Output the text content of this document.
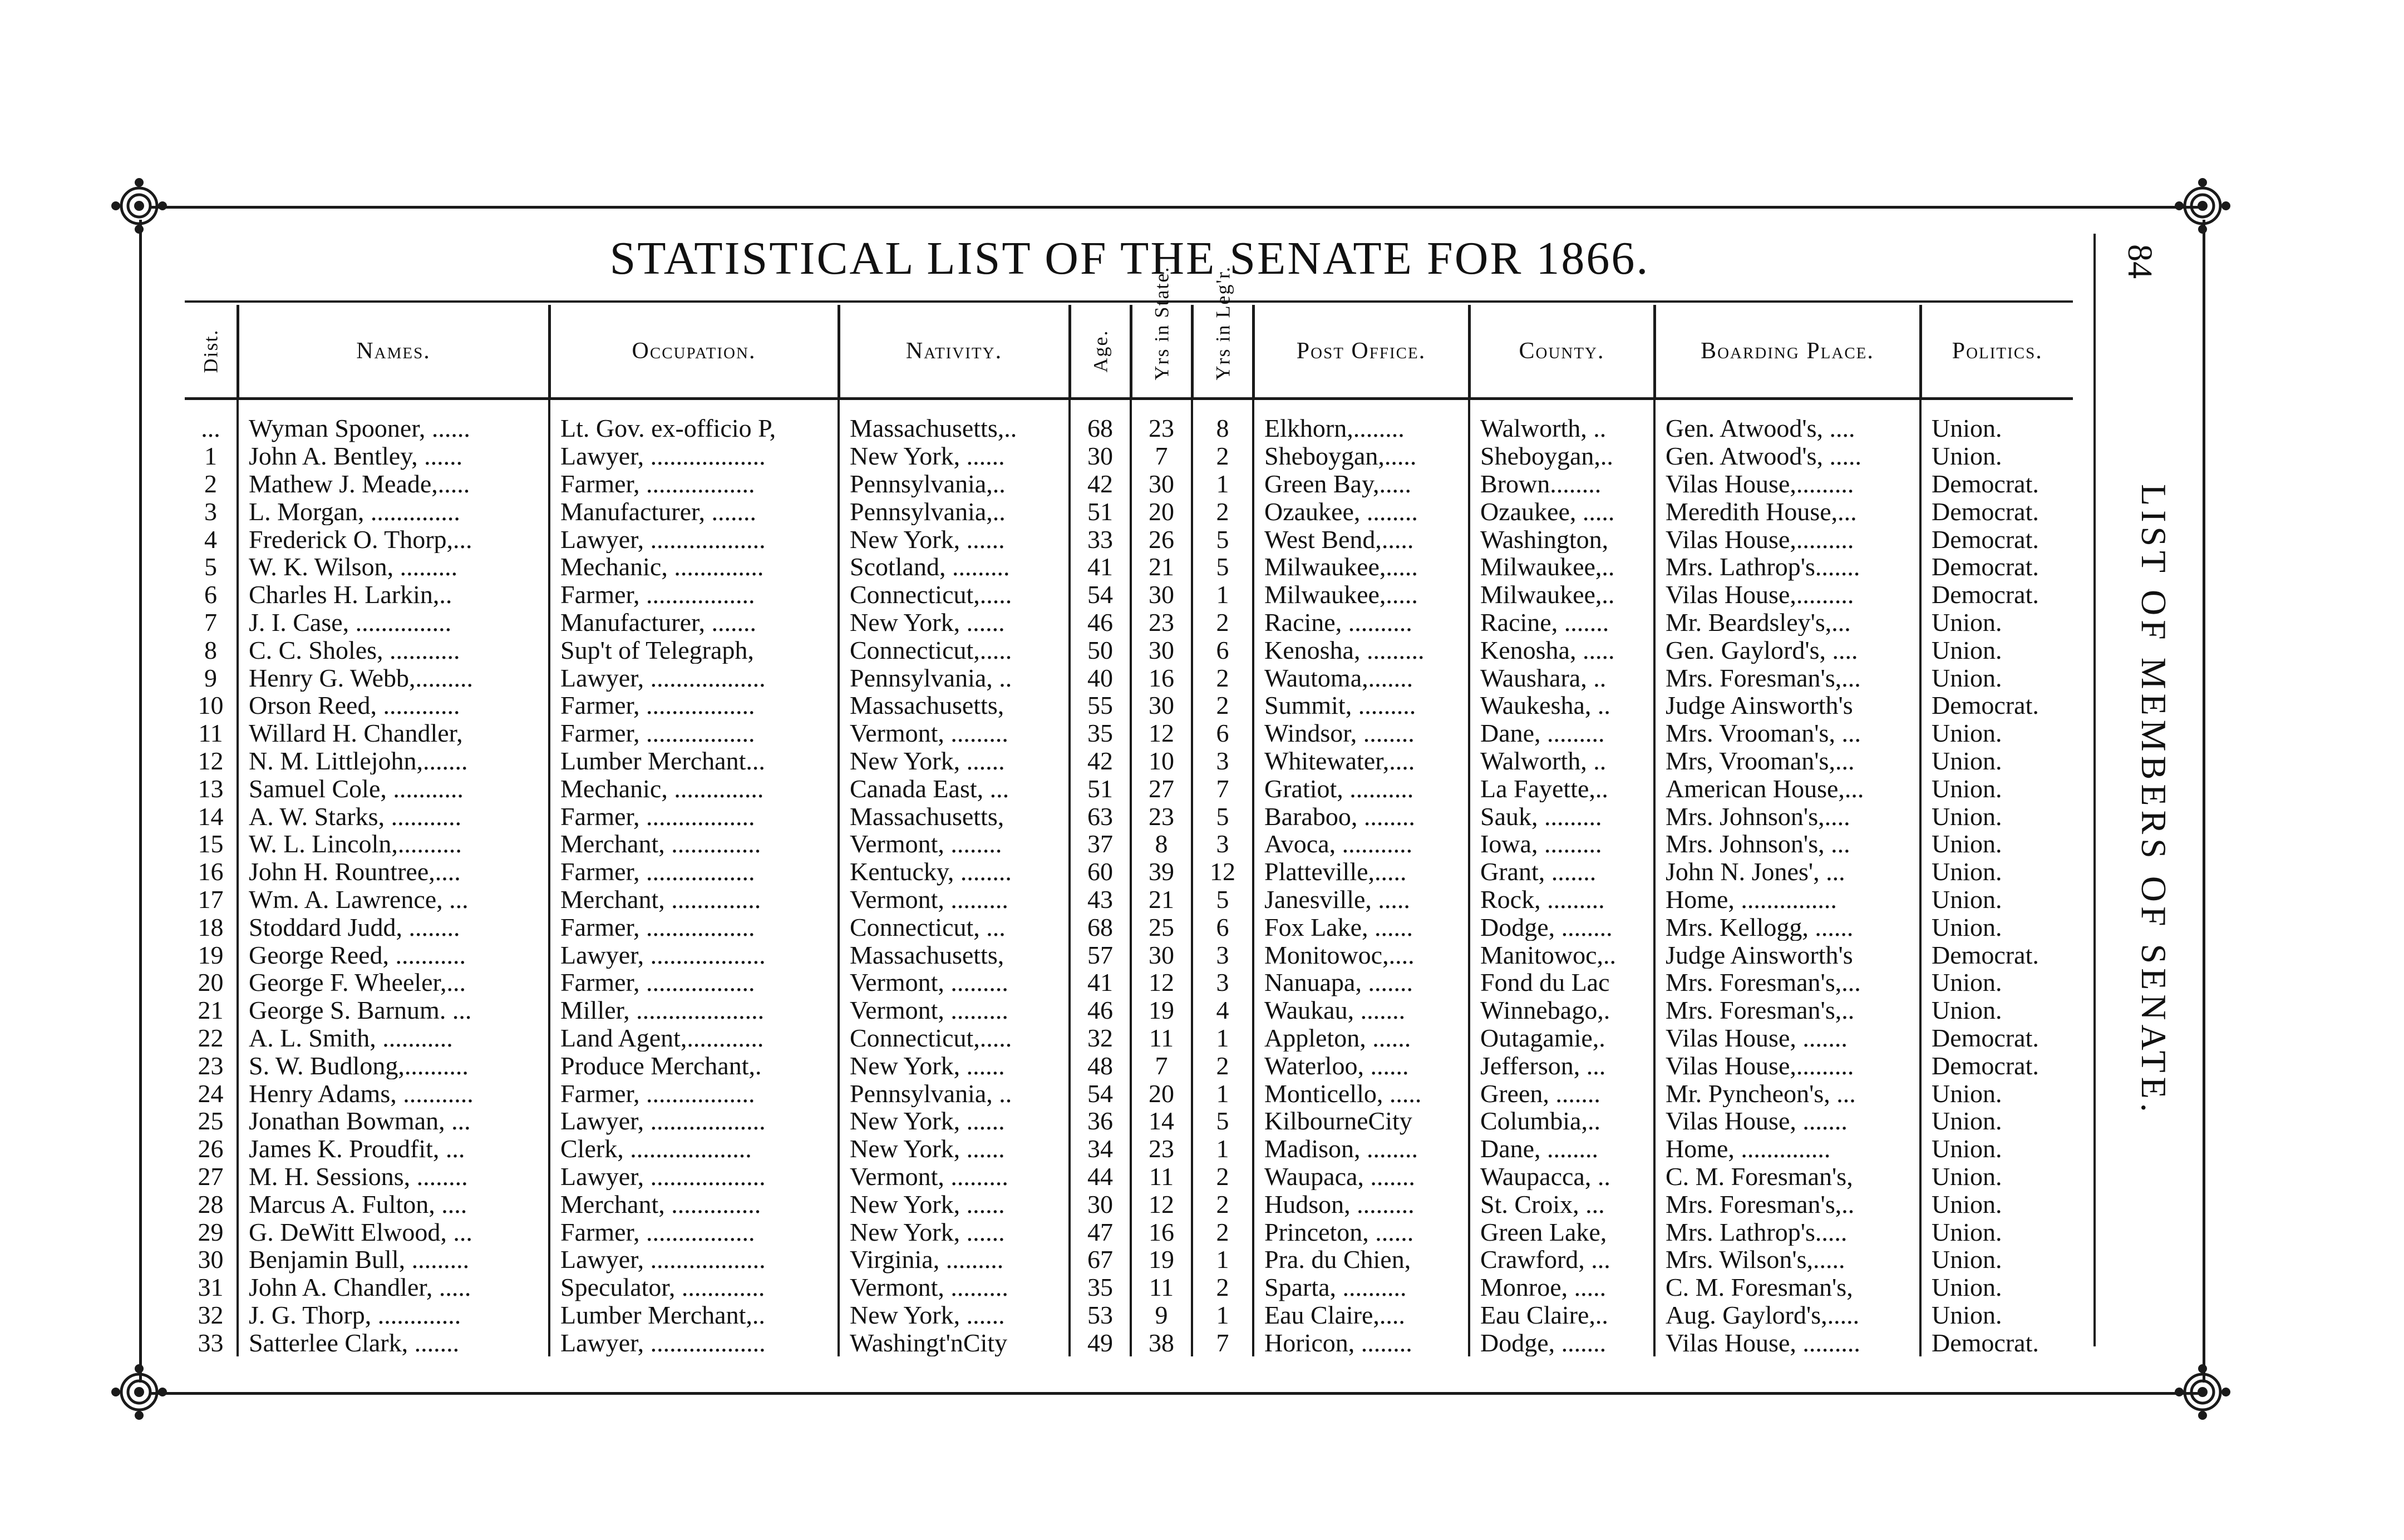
STATISTICAL LIST OF THE SENATE FOR 1866.	84
LIST OF MEMBERS OF SENATE.
Dist.	Names.	Occupation.	Nativity.	Age.	Yrs in State.	Yrs in Leg'r.	Post Office.	County.	Boarding Place.	Politics.
...	Wyman Spooner, ......	Lt. Gov. ex-officio P,	Massachusetts,..	68	23	8	Elkhorn,........	Walworth, ..	Gen. Atwood's, ....	Union.
1	John A. Bentley, ......	Lawyer, ..................	New York, ......	30	7	2	Sheboygan,.....	Sheboygan,..	Gen. Atwood's, .....	Union.
2	Mathew J. Meade,.....	Farmer, .................	Pennsylvania,..	42	30	1	Green Bay,.....	Brown........	Vilas House,.........	Democrat.
3	L. Morgan, ..............	Manufacturer, .......	Pennsylvania,..	51	20	2	Ozaukee, ........	Ozaukee, .....	Meredith House,...	Democrat.
4	Frederick O. Thorp,...	Lawyer, ..................	New York, ......	33	26	5	West Bend,.....	Washington,	Vilas House,.........	Democrat.
5	W. K. Wilson, .........	Mechanic, ..............	Scotland, .........	41	21	5	Milwaukee,.....	Milwaukee,..	Mrs. Lathrop's.......	Democrat.
6	Charles H. Larkin,..	Farmer, .................	Connecticut,.....	54	30	1	Milwaukee,.....	Milwaukee,..	Vilas House,.........	Democrat.
7	J. I. Case, ...............	Manufacturer, .......	New York, ......	46	23	2	Racine, ..........	Racine, .......	Mr. Beardsley's,...	Union.
8	C. C. Sholes, ...........	Sup't of Telegraph,	Connecticut,.....	50	30	6	Kenosha, .........	Kenosha, .....	Gen. Gaylord's, ....	Union.
9	Henry G. Webb,.........	Lawyer, ..................	Pennsylvania, ..	40	16	2	Wautoma,.......	Waushara, ..	Mrs. Foresman's,...	Union.
10	Orson Reed, ............	Farmer, .................	Massachusetts,	55	30	2	Summit, .........	Waukesha, ..	Judge Ainsworth's	Democrat.
11	Willard H. Chandler,	Farmer, .................	Vermont, .........	35	12	6	Windsor, ........	Dane, .........	Mrs. Vrooman's, ...	Union.
12	N. M. Littlejohn,.......	Lumber Merchant...	New York, ......	42	10	3	Whitewater,....	Walworth, ..	Mrs, Vrooman's,...	Union.
13	Samuel Cole, ...........	Mechanic, ..............	Canada East, ...	51	27	7	Gratiot, ..........	La Fayette,..	American House,...	Union.
14	A. W. Starks, ...........	Farmer, .................	Massachusetts,	63	23	5	Baraboo, ........	Sauk, .........	Mrs. Johnson's,....	Union.
15	W. L. Lincoln,..........	Merchant, ..............	Vermont, ........	37	8	3	Avoca, ...........	Iowa, .........	Mrs. Johnson's, ...	Union.
16	John H. Rountree,....	Farmer, .................	Kentucky, ........	60	39	12	Platteville,.....	Grant, .......	John N. Jones', ...	Union.
17	Wm. A. Lawrence, ...	Merchant, ..............	Vermont, .........	43	21	5	Janesville, .....	Rock, .........	Home, ...............	Union.
18	Stoddard Judd, ........	Farmer, .................	Connecticut, ...	68	25	6	Fox Lake, ......	Dodge, ........	Mrs. Kellogg, ......	Union.
19	George Reed, ...........	Lawyer, ..................	Massachusetts,	57	30	3	Monitowoc,....	Manitowoc,..	Judge Ainsworth's	Democrat.
20	George F. Wheeler,...	Farmer, .................	Vermont, .........	41	12	3	Nanuapa, .......	Fond du Lac	Mrs. Foresman's,...	Union.
21	George S. Barnum. ...	Miller, ....................	Vermont, .........	46	19	4	Waukau, .......	Winnebago,.	Mrs. Foresman's,..	Union.
22	A. L. Smith, ...........	Land Agent,............	Connecticut,.....	32	11	1	Appleton, ......	Outagamie,.	Vilas House, .......	Democrat.
23	S. W. Budlong,..........	Produce Merchant,.	New York, ......	48	7	2	Waterloo, ......	Jefferson, ...	Vilas House,.........	Democrat.
24	Henry Adams, ...........	Farmer, .................	Pennsylvania, ..	54	20	1	Monticello, .....	Green, .......	Mr. Pyncheon's, ...	Union.
25	Jonathan Bowman, ...	Lawyer, ..................	New York, ......	36	14	5	KilbourneCity	Columbia,..	Vilas House, .......	Union.
26	James K. Proudfit, ...	Clerk, ...................	New York, ......	34	23	1	Madison, ........	Dane, ........	Home, ..............	Union.
27	M. H. Sessions, ........	Lawyer, ..................	Vermont, .........	44	11	2	Waupaca, .......	Waupacca, ..	C. M. Foresman's,	Union.
28	Marcus A. Fulton, ....	Merchant, ..............	New York, ......	30	12	2	Hudson, .........	St. Croix, ...	Mrs. Foresman's,..	Union.
29	G. DeWitt Elwood, ...	Farmer, .................	New York, ......	47	16	2	Princeton, ......	Green Lake,	Mrs. Lathrop's.....	Union.
30	Benjamin Bull, .........	Lawyer, ..................	Virginia, .........	67	19	1	Pra. du Chien,	Crawford, ...	Mrs. Wilson's,.....	Union.
31	John A. Chandler, .....	Speculator, .............	Vermont, .........	35	11	2	Sparta, ..........	Monroe, .....	C. M. Foresman's,	Union.
32	J. G. Thorp, .............	Lumber Merchant,..	New York, ......	53	9	1	Eau Claire,....	Eau Claire,..	Aug. Gaylord's,.....	Union.
33	Satterlee Clark, .......	Lawyer, ..................	Washingt'nCity	49	38	7	Horicon, ........	Dodge, .......	Vilas House, .........	Democrat.
